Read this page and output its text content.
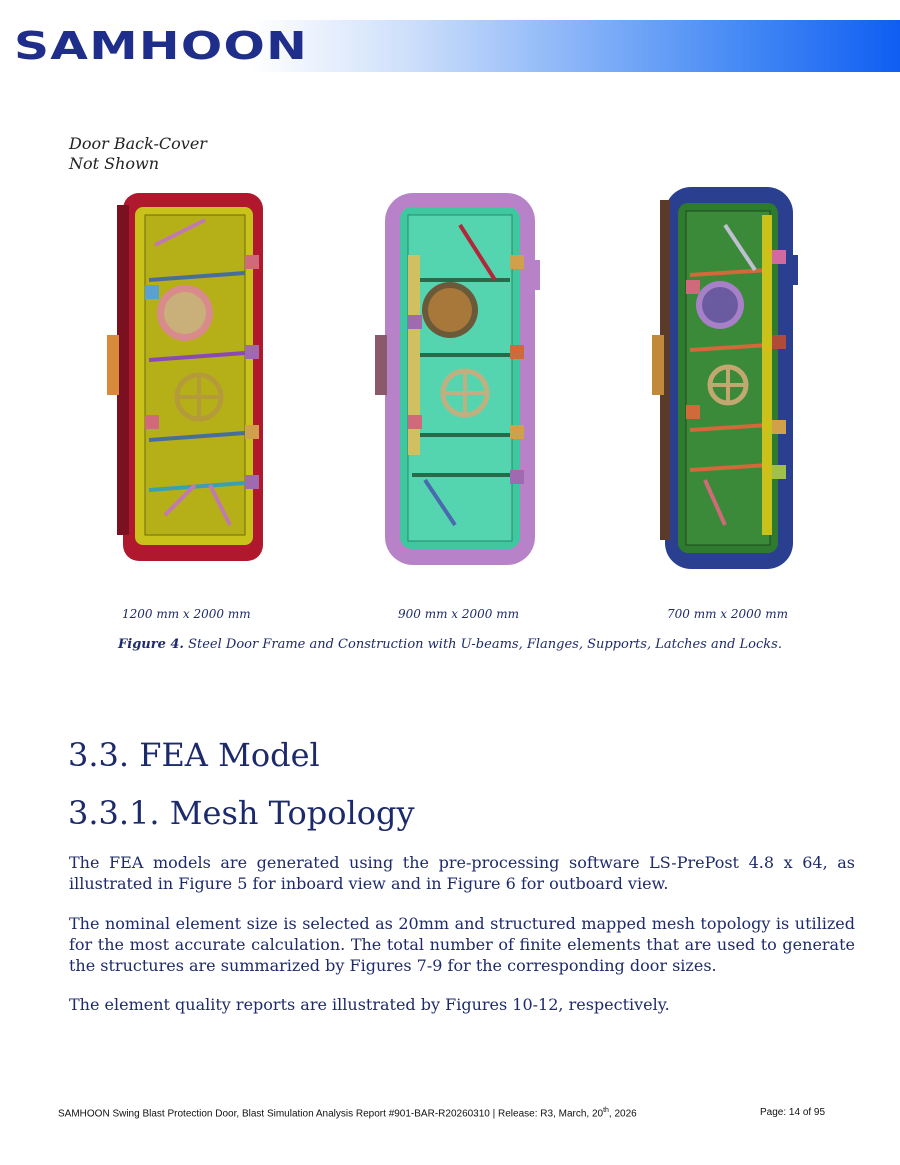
SAMHOON
Door Back-Cover
Not Shown
1200 mm x 2000 mm	900 mm x 2000 mm	700 mm x 2000 mm
Figure 4. Steel Door Frame and Construction with U-beams, Flanges, Supports, Latches and Locks.
3.3. FEA Model
3.3.1. Mesh Topology
The FEA models are generated using the pre-processing software LS-PrePost 4.8 x 64, as illustrated in Figure 5 for inboard view and in Figure 6 for outboard view.
The nominal element size is selected as 20mm and structured mapped mesh topology is utilized for the most accurate calculation. The total number of finite elements that are used to generate the structures are summarized by Figures 7-9 for the corresponding door sizes.
The element quality reports are illustrated by Figures 10-12, respectively.
SAMHOON Swing Blast Protection Door, Blast Simulation Analysis Report #901-BAR-R20260310 | Release: R3, March, 20th, 2026	Page: 14 of 95
